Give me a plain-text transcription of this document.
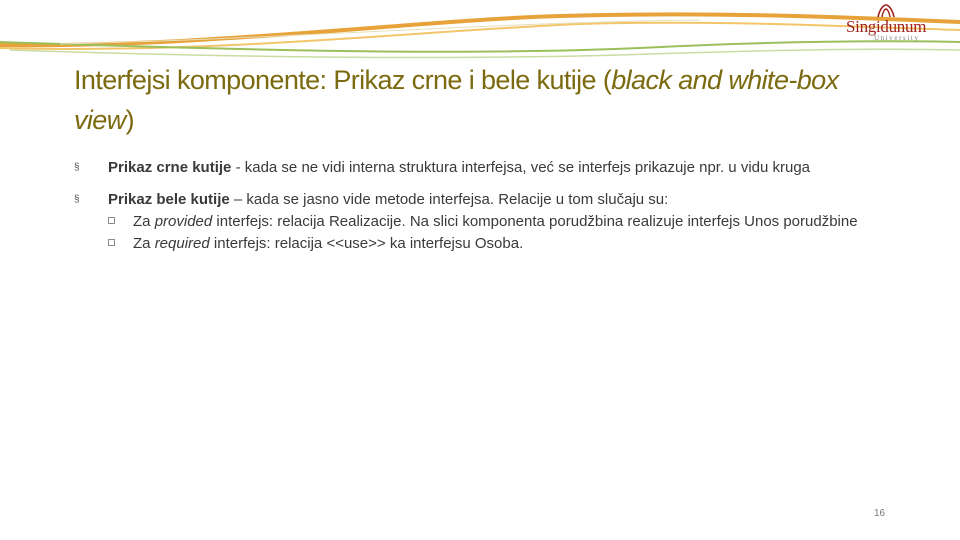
Singidunum
University
Interfejsi komponente: Prikaz crne i bele kutije (black and white-box view)
§ Prikaz crne kutije - kada se ne vidi interna struktura interfejsa, već se interfejs prikazuje npr. u vidu kruga
§ Prikaz bele kutije – kada se jasno vide metode interfejsa. Relacije u tom slučaju su:
Za provided interfejs: relacija Realizacije. Na slici komponenta porudžbina realizuje interfejs Unos porudžbine
Za required interfejs: relacija <<use>> ka interfejsu Osoba.
16
